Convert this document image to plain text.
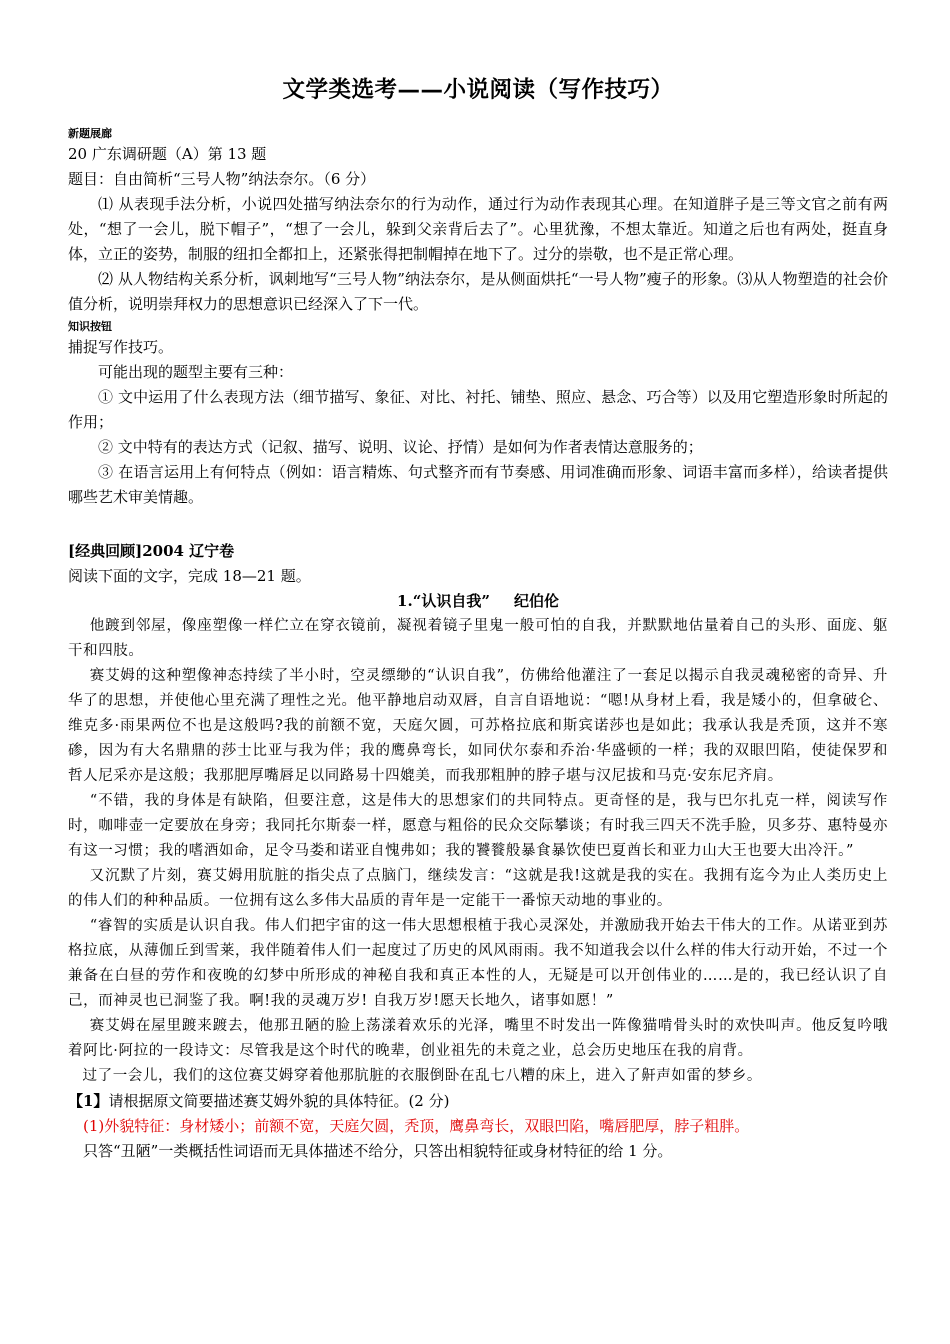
文学类选考——小说阅读（写作技巧）

新题展廊

20 广东调研题（A）第 13 题

题目：自由简析“三号人物”纳法奈尔。（6 分）

⑴ 从表现手法分析，小说四处描写纳法奈尔的行为动作，通过行为动作表现其心理。在知道胖子是三等文官之前有两处，“想了一会儿，脱下帽子”，“想了一会儿，躲到父亲背后去了”。心里犹豫，不想太靠近。知道之后也有两处，挺直身体，立正的姿势，制服的纽扣全都扣上，还紧张得把制帽掉在地下了。过分的崇敬，也不是正常心理。

⑵ 从人物结构关系分析，讽刺地写“三号人物”纳法奈尔，是从侧面烘托“一号人物”瘦子的形象。⑶从人物塑造的社会价值分析，说明崇拜权力的思想意识已经深入了下一代。

知识按钮

捕捉写作技巧。

可能出现的题型主要有三种：

① 文中运用了什么表现方法（细节描写、象征、对比、衬托、铺垫、照应、悬念、巧合等）以及用它塑造形象时所起的作用；

② 文中特有的表达方式（记叙、描写、说明、议论、抒情）是如何为作者表情达意服务的；

③ 在语言运用上有何特点（例如：语言精炼、句式整齐而有节奏感、用词准确而形象、词语丰富而多样），给读者提供哪些艺术审美情趣。

[经典回顾]2004 辽宁卷

阅读下面的文字，完成 18—21 题。

1.“认识自我” 纪伯伦

他踱到邻屋，像座塑像一样伫立在穿衣镜前，凝视着镜子里鬼一般可怕的自我，并默默地估量着自己的头形、面庞、躯干和四肢。

赛艾姆的这种塑像神态持续了半小时，空灵缥缈的“认识自我”，仿佛给他灌注了一套足以揭示自我灵魂秘密的奇异、升华了的思想，并使他心里充满了理性之光。他平静地启动双唇，自言自语地说：“嗯!从身材上看，我是矮小的，但拿破仑、维克多·雨果两位不也是这般吗?我的前额不宽，天庭欠圆，可苏格拉底和斯宾诺莎也是如此；我承认我是秃顶，这并不寒碜，因为有大名鼎鼎的莎士比亚与我为伴；我的鹰鼻弯长，如同伏尔泰和乔治·华盛顿的一样；我的双眼凹陷，使徒保罗和哲人尼采亦是这般；我那肥厚嘴唇足以同路易十四媲美，而我那粗肿的脖子堪与汉尼拔和马克·安东尼齐肩。

“不错，我的身体是有缺陷，但要注意，这是伟大的思想家们的共同特点。更奇怪的是，我与巴尔扎克一样，阅读写作时，咖啡壶一定要放在身旁；我同托尔斯泰一样，愿意与粗俗的民众交际攀谈；有时我三四天不洗手脸，贝多芬、惠特曼亦有这一习惯；我的嗜酒如命，足令马娄和诺亚自愧弗如；我的饕餮般暴食暴饮使巴夏酋长和亚力山大王也要大出冷汗。”

又沉默了片刻，赛艾姆用肮脏的指尖点了点脑门，继续发言：“这就是我!这就是我的实在。我拥有迄今为止人类历史上的伟人们的种种品质。一位拥有这么多伟大品质的青年是一定能干一番惊天动地的事业的。

“睿智的实质是认识自我。伟人们把宇宙的这一伟大思想根植于我心灵深处，并激励我开始去干伟大的工作。从诺亚到苏格拉底，从薄伽丘到雪莱，我伴随着伟人们一起度过了历史的风风雨雨。我不知道我会以什么样的伟大行动开始，不过一个兼备在白昼的劳作和夜晚的幻梦中所形成的神秘自我和真正本性的人，无疑是可以开创伟业的……是的，我已经认识了自己，而神灵也已洞鉴了我。啊!我的灵魂万岁! 自我万岁!愿天长地久，诸事如愿！”

赛艾姆在屋里踱来踱去，他那丑陋的脸上荡漾着欢乐的光泽，嘴里不时发出一阵像猫啃骨头时的欢快叫声。他反复吟哦着阿比·阿拉的一段诗文：尽管我是这个时代的晚辈，创业祖先的未竟之业，总会历史地压在我的肩背。

过了一会儿，我们的这位赛艾姆穿着他那肮脏的衣服倒卧在乱七八糟的床上，进入了鼾声如雷的梦乡。

【1】请根据原文简要描述赛艾姆外貌的具体特征。(2 分)

(1)外貌特征：身材矮小；前额不宽，天庭欠圆，秃顶，鹰鼻弯长，双眼凹陷，嘴唇肥厚，脖子粗胖。

只答“丑陋”一类概括性词语而无具体描述不给分，只答出相貌特征或身材特征的给 1 分。
